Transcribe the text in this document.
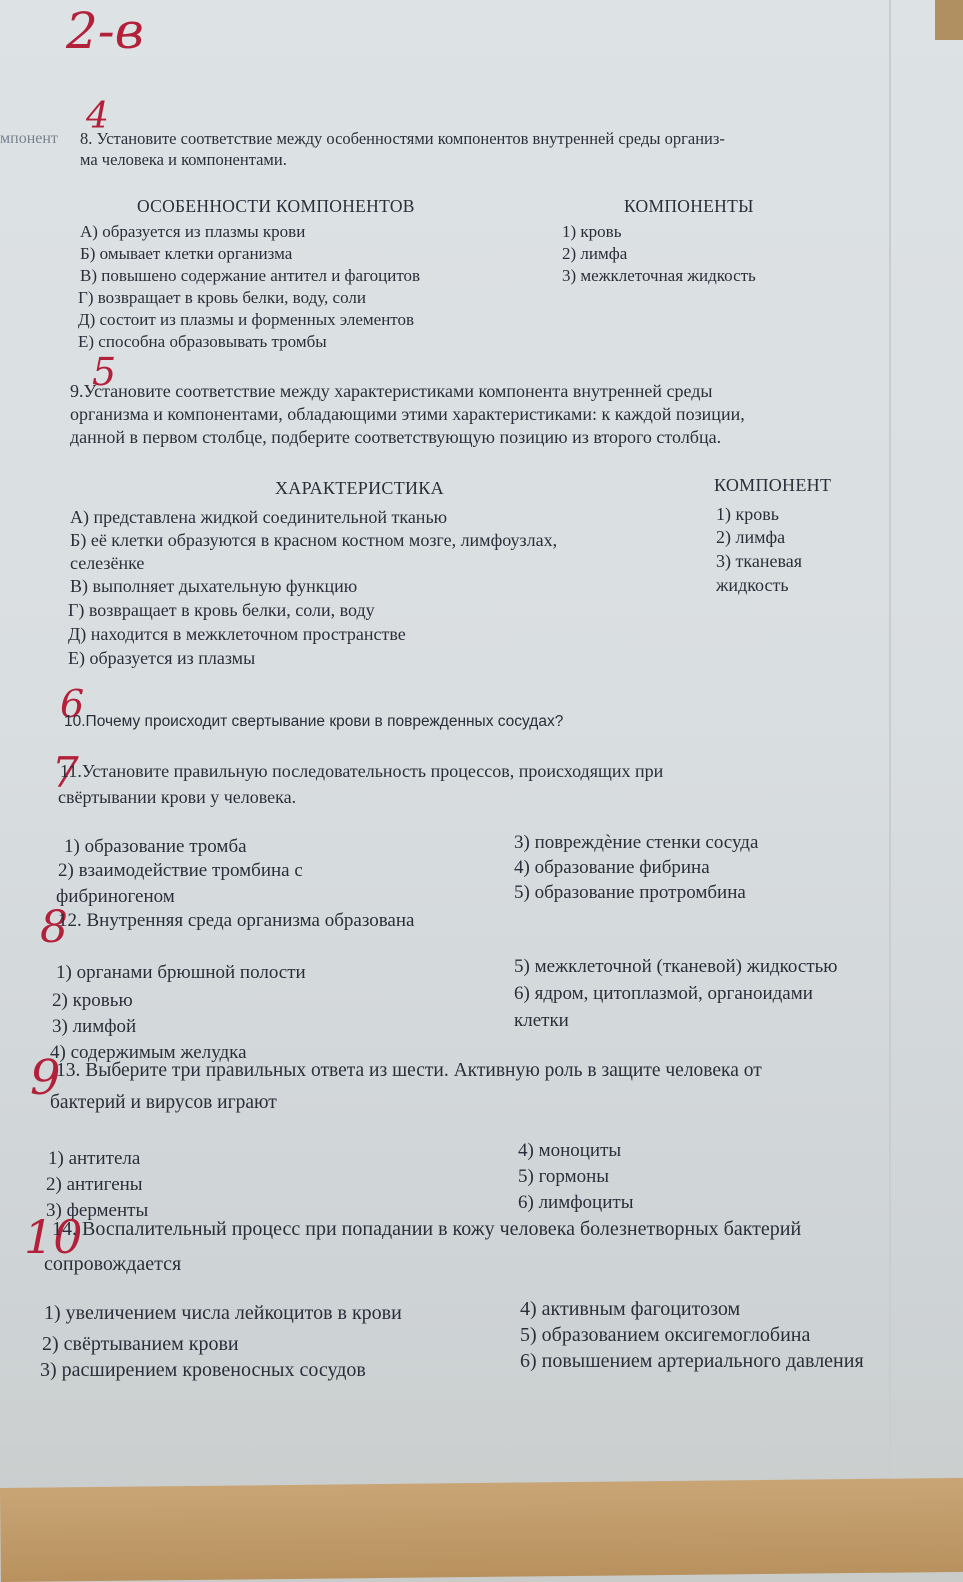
2-в
мпонент 8. Установите соответствие между особенностями компонентов внутренней среды организ-
ма человека и компонентами.
4
ОСОБЕННОСТИ КОМПОНЕНТОВ	КОМПОНЕНТЫ
А) образуется из плазмы крови
Б) омывает клетки организма
В) повышено содержание антител и фагоцитов
Г) возвращает в кровь белки, воду, соли
Д) состоит из плазмы и форменных элементов
Е) способна образовывать тромбы
1) кровь
2) лимфа
3) межклеточная жидкость
5
9.Установите соответствие между характеристиками компонента внутренней среды
организма и компонентами, обладающими этими характеристиками: к каждой позиции,
данной в первом столбце, подберите соответствующую позицию из второго столбца.
ХАРАКТЕРИСТИКА	КОМПОНЕНТ
А) представлена жидкой соединительной тканью
Б) её клетки образуются в красном костном мозге, лимфоузлах,
селезёнке
В) выполняет дыхательную функцию
Г) возвращает в кровь белки, соли, воду
Д) находится в межклеточном пространстве
Е) образуется из плазмы
1) кровь
2) лимфа
3) тканевая
жидкость
6
10.Почему происходит свертывание крови в поврежденных сосудах?
7
11.Установите правильную последовательность процессов, происходящих при
свёртывании крови у человека.
1) образование тромба
2) взаимодействие тромбина с
фибриногеном
3) повреждѐние стенки сосуда
4) образование фибрина
5) образование протромбина
8
12. Внутренняя среда организма образована
1) органами брюшной полости
2) кровью
3) лимфой
4) содержимым желудка
5) межклеточной (тканевой) жидкостью
6) ядром, цитоплазмой, органоидами
клетки
9
13. Выберите три правильных ответа из шести. Активную роль в защите человека от
бактерий и вирусов играют
1) антитела
2) антигены
3) ферменты
4) моноциты
5) гормоны
6) лимфоциты
10
14. Воспалительный процесс при попадании в кожу человека болезнетворных бактерий
сопровождается
1) увеличением числа лейкоцитов в крови
2) свёртыванием крови
3) расширением кровеносных сосудов
4) активным фагоцитозом
5) образованием оксигемоглобина
6) повышением артериального давления
